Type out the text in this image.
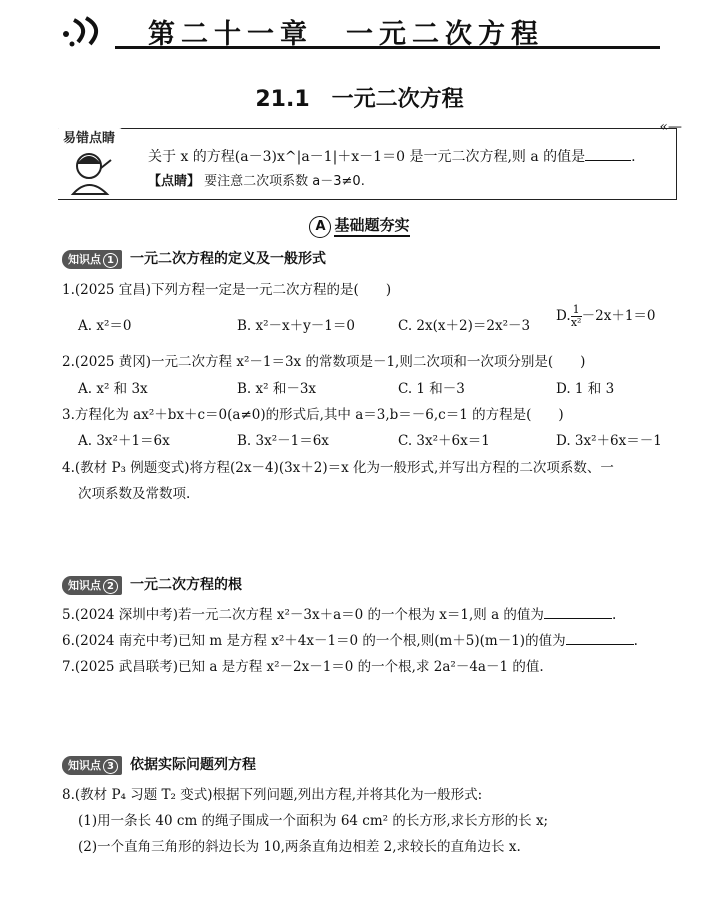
第二十一章　一元二次方程
21.1　一元二次方程
«—
易错点睛
关于 x 的方程(a－3)x^|a－1|＋x－1＝0 是一元二次方程,则 a 的值是	.
【点睛】 要注意二次项系数 a－3≠0.
A 基础题夯实
知识点 1 一元二次方程的定义及一般形式
1.(2025 宜昌)下列方程一定是一元二次方程的是(　　)
A. x²＝0	B. x²－x＋y－1＝0	C. 2x(x＋2)＝2x²－3
D. $\frac{1}{\text{x²}} -2x+1=0$
2.(2025 黄冈)一元二次方程 x²－1＝3x 的常数项是－1,则二次项和一次项分别是(　　)
A. x² 和 3x	B. x² 和－3x	C. 1 和－3	D. 1 和 3
3.方程化为 ax²＋bx＋c＝0(a≠0)的形式后,其中 a＝3,b＝－6,c＝1 的方程是(　　)
A. 3x²＋1＝6x	B. 3x²－1＝6x	C. 3x²＋6x＝1	D. 3x²＋6x＝－1
4.(教材 P₃ 例题变式)将方程(2x－4)(3x＋2)＝x 化为一般形式,并写出方程的二次项系数、一
次项系数及常数项.
知识点 2 一元二次方程的根
5.(2024 深圳中考)若一元二次方程 x²－3x＋a＝0 的一个根为 x＝1,则 a 的值为	.
6.(2024 南充中考)已知 m 是方程 x²＋4x－1＝0 的一个根,则(m＋5)(m－1)的值为	.
7.(2025 武昌联考)已知 a 是方程 x²－2x－1＝0 的一个根,求 2a²－4a－1 的值.
知识点 3 依据实际问题列方程
8.(教材 P₄ 习题 T₂ 变式)根据下列问题,列出方程,并将其化为一般形式:
(1)用一条长 40 cm 的绳子围成一个面积为 64 cm² 的长方形,求长方形的长 x;
(2)一个直角三角形的斜边长为 10,两条直角边相差 2,求较长的直角边长 x.
